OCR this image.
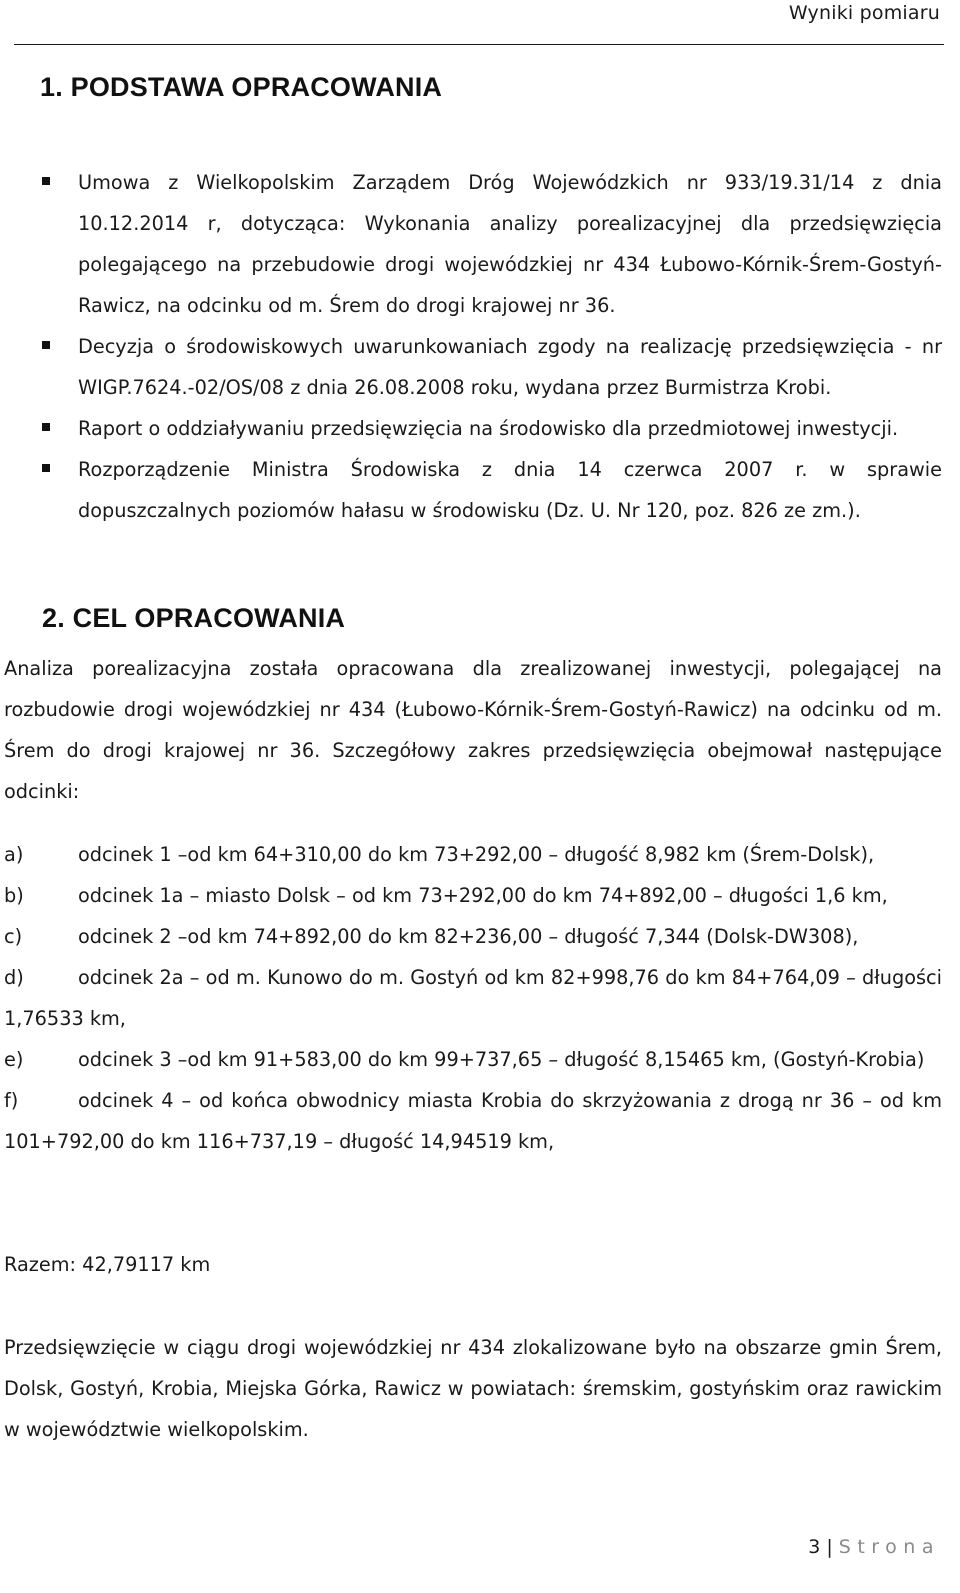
Wyniki pomiaru
1. PODSTAWA OPRACOWANIA
Umowa z Wielkopolskim Zarządem Dróg Wojewódzkich nr 933/19.31/14 z dnia 10.12.2014 r, dotycząca: Wykonania analizy porealizacyjnej dla przedsięwzięcia polegającego na przebudowie drogi wojewódzkiej nr 434 Łubowo-Kórnik-Śrem-Gostyń-Rawicz, na odcinku od m. Śrem do drogi krajowej nr 36.
Decyzja o środowiskowych uwarunkowaniach zgody na realizację przedsięwzięcia - nr WIGP.7624.-02/OS/08 z dnia 26.08.2008 roku, wydana przez Burmistrza Krobi.
Raport o oddziaływaniu przedsięwzięcia na środowisko dla przedmiotowej inwestycji.
Rozporządzenie Ministra Środowiska z dnia 14 czerwca 2007 r. w sprawie dopuszczalnych poziomów hałasu w środowisku (Dz. U. Nr 120, poz. 826 ze zm.).
2. CEL OPRACOWANIA
Analiza porealizacyjna została opracowana dla zrealizowanej inwestycji, polegającej na rozbudowie drogi wojewódzkiej nr 434 (Łubowo-Kórnik-Śrem-Gostyń-Rawicz) na odcinku od m. Śrem do drogi krajowej nr 36. Szczegółowy zakres przedsięwzięcia obejmował następujące odcinki:
a)	odcinek 1 –od km 64+310,00 do km 73+292,00 – długość 8,982 km (Śrem-Dolsk),
b)	odcinek 1a – miasto Dolsk – od km 73+292,00 do km 74+892,00 – długości 1,6 km,
c)	odcinek 2 –od km 74+892,00 do km 82+236,00 – długość 7,344 (Dolsk-DW308),
d)	odcinek 2a – od m. Kunowo do m. Gostyń od km 82+998,76 do km 84+764,09 – długości 1,76533 km,
e)	odcinek 3 –od km 91+583,00 do km 99+737,65 – długość 8,15465 km, (Gostyń-Krobia)
f)	odcinek 4 – od końca obwodnicy miasta Krobia do skrzyżowania z drogą nr 36 – od km 101+792,00 do km 116+737,19 – długość 14,94519 km,
Razem: 42,79117 km
Przedsięwzięcie w ciągu drogi wojewódzkiej nr 434 zlokalizowane było na obszarze gmin Śrem, Dolsk, Gostyń, Krobia, Miejska Górka, Rawicz w powiatach: śremskim, gostyńskim oraz rawickim w województwie wielkopolskim.
3 | Strona
